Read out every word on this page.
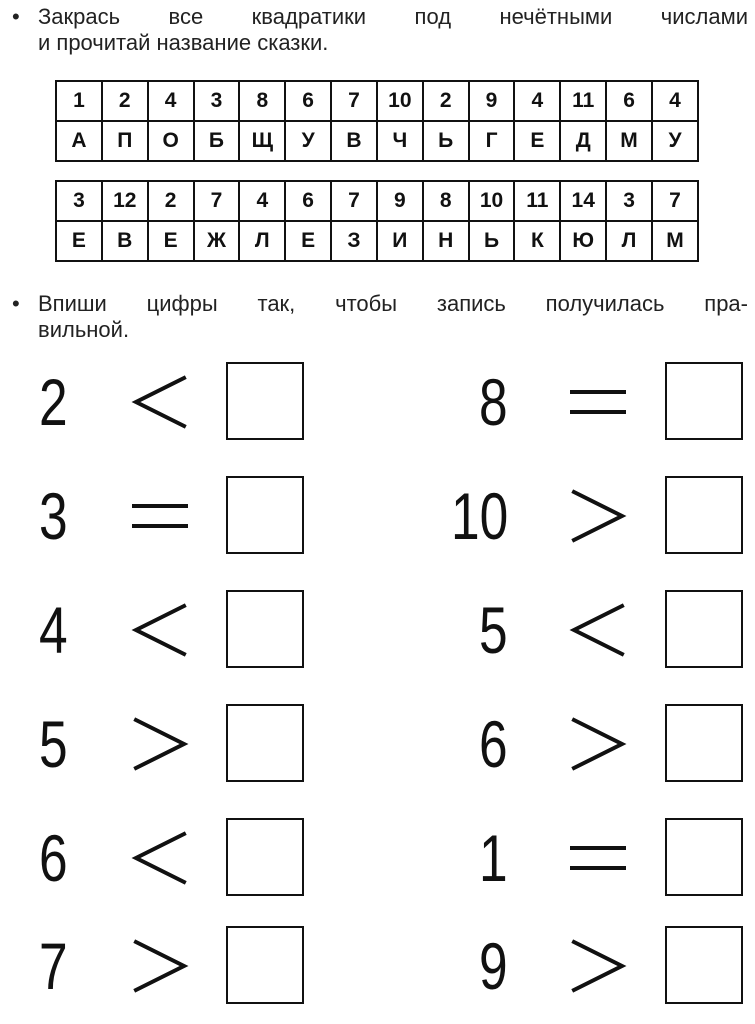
• Закрась все квадратики под нечётными числами
и прочитай название сказки.
1	2	4	3	8	6	7	10	2	9	4	11	6	4
А	П	О	Б	Щ	У	В	Ч	Ь	Г	Е	Д	М	У
3	12	2	7	4	6	7	9	8	10	11	14	3	7
Е	В	Е	Ж	Л	Е	З	И	Н	Ь	К	Ю	Л	М
• Впиши цифры так, чтобы запись получилась пра-
вильной.
2
3
4
5
6
7
8
10
5
6
1
9
